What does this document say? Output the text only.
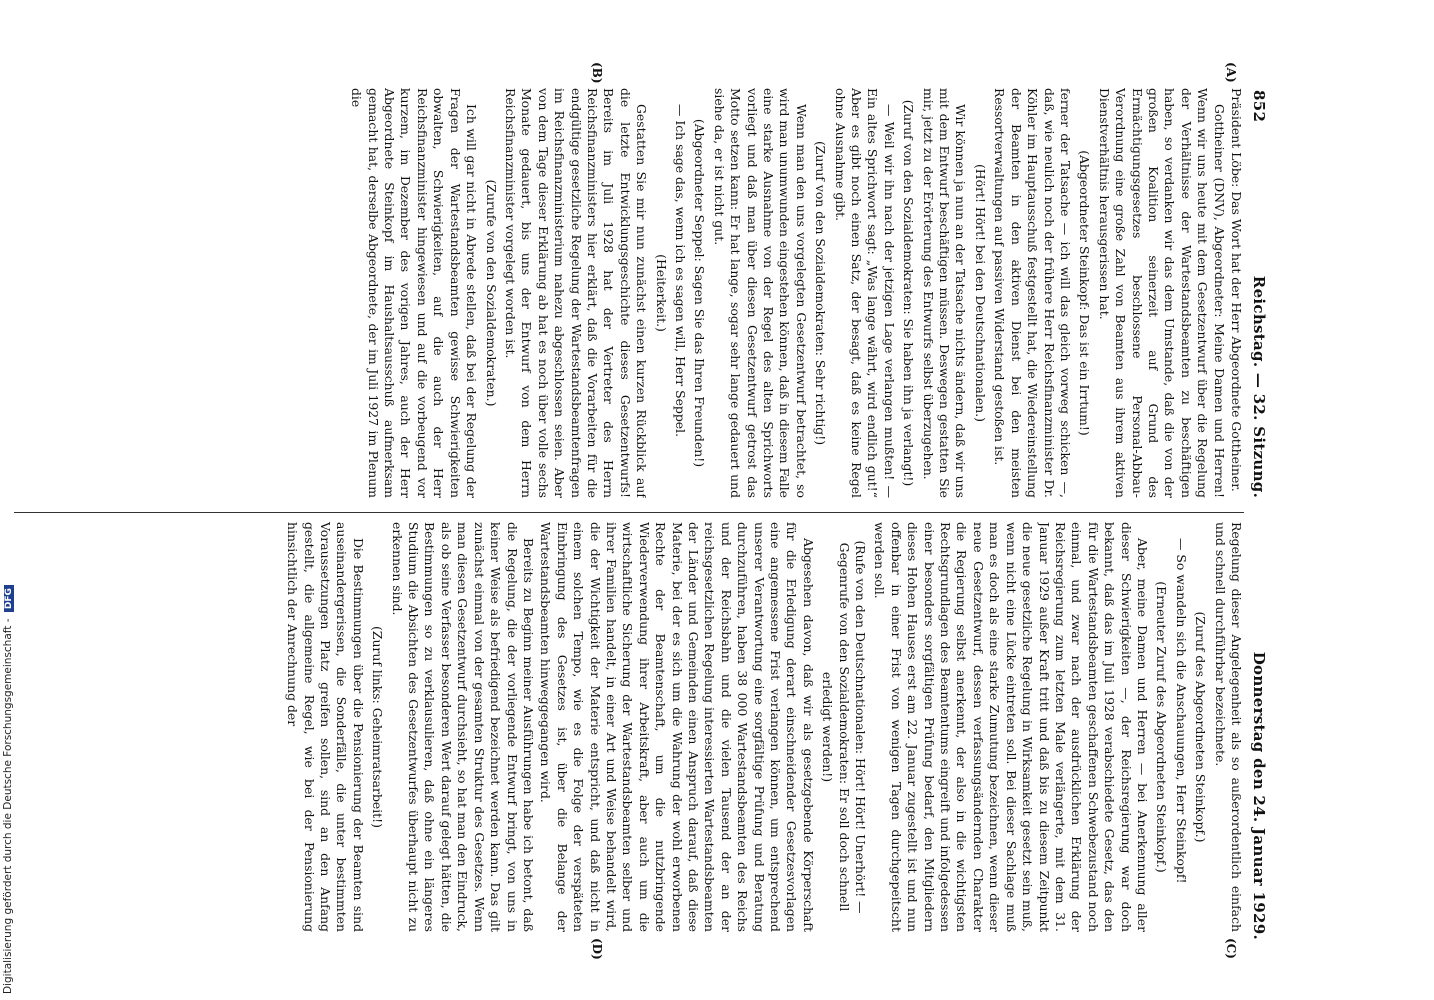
852
Reichstag. — 32. Sitzung.
Donnerstag den 24. Januar 1929.
(A)
(B)
(C)
(D)

Präsident Löbe: Das Wort hat der Herr Abgeordnete Gottheiner.

Gottheiner (DNV), Abgeordneter: Meine Damen und Herren! Wenn wir uns heute mit dem Gesetzentwurf über die Regelung der Verhältnisse der Wartestandsbeamten zu beschäftigen haben, so verdanken wir das dem Umstande, daß die von der großen Koalition seinerzeit auf Grund des Ermächtigungsgesetzes beschlossene Personal-Abbau-Verordnung eine große Zahl von Beamten aus ihrem aktiven Dienstverhältnis herausgerissen hat.

(Abgeordneter Steinkopf: Das ist ein Irrtum!)

ferner der Tatsache — ich will das gleich vorweg schicken —, daß, wie neulich noch der frühere Herr Reichsfinanzminister Dr. Köhler im Hauptausschuß festgestellt hat, die Wiedereinstellung der Beamten in den aktiven Dienst bei den meisten Ressortverwaltungen auf passiven Widerstand gestoßen ist.

(Hört! Hört! bei den Deutschnationalen.)

Wir können ja nun an der Tatsache nichts ändern, daß wir uns mit dem Entwurf beschäftigen müssen. Deswegen gestatten Sie mir, jetzt zu der Erörterung des Entwurfs selbst überzugehen.

(Zuruf von den Sozialdemokraten: Sie haben ihn ja verlangt!)

— Weil wir ihn nach der jetzigen Lage verlangen mußten! — Ein altes Sprichwort sagt: „Was lange währt, wird endlich gut!“ Aber es gibt noch einen Satz, der besagt, daß es keine Regel ohne Ausnahme gibt.

(Zuruf von den Sozialdemokraten: Sehr richtig!)

Wenn man den uns vorgelegten Gesetzentwurf betrachtet, so wird man unumwunden eingestehen können, daß in diesem Falle eine starke Ausnahme von der Regel des alten Sprichworts vorliegt und daß man über diesen Gesetzentwurf getrost das Motto setzen kann: Er hat lange, sogar sehr lange gedauert und siehe da, er ist nicht gut.

(Abgeordneter Seppel: Sagen Sie das Ihren Freunden!)

— Ich sage das, wenn ich es sagen will, Herr Seppel.

(Heiterkeit.)

Gestatten Sie mir nun zunächst einen kurzen Rückblick auf die letzte Entwicklungsgeschichte dieses Gesetzentwurfs! Bereits im Juli 1928 hat der Vertreter des Herrn Reichsfinanzministers hier erklärt, daß die Vorarbeiten für die endgültige gesetzliche Regelung der Wartestandsbeamtenfragen im Reichsfinanzministerium nahezu abgeschlossen seien. Aber von dem Tage dieser Erklärung ab hat es noch über volle sechs Monate gedauert, bis uns der Entwurf von dem Herrn Reichsfinanzminister vorgelegt worden ist.

(Zurufe von den Sozialdemokraten.)

Ich will gar nicht in Abrede stellen, daß bei der Regelung der Fragen der Wartestandsbeamten gewisse Schwierigkeiten obwalten, Schwierigkeiten, auf die auch der Herr Reichsfinanzminister hingewiesen und auf die vorbeugend vor kurzem, im Dezember des vorigen Jahres, auch der Herr Abgeordnete Steinkopf im Haushaltsausschuß aufmerksam gemacht hat, derselbe Abgeordnete, der im Juli 1927 im Plenum die

Regelung dieser Angelegenheit als so außerordentlich einfach und schnell durchführbar bezeichnete.

(Zuruf des Abgeordneten Steinkopf.)

— So wandeln sich die Anschauungen, Herr Steinkopf!

(Erneuter Zuruf des Abgeordneten Steinkopf.)

Aber, meine Damen und Herren — bei Anerkennung aller dieser Schwierigkeiten —, der Reichsregierung war doch bekannt, daß das im Juli 1928 verabschiedete Gesetz, das den für die Wartestandsbeamten geschaffenen Schwebezustand noch einmal, und zwar nach der ausdrücklichen Erklärung der Reichsregierung zum letzten Male verlängerte, mit dem 31. Januar 1929 außer Kraft tritt und daß bis zu diesem Zeitpunkt die neue gesetzliche Regelung in Wirksamkeit gesetzt sein muß, wenn nicht eine Lücke eintreten soll. Bei dieser Sachlage muß man es doch als eine starke Zumutung bezeichnen, wenn dieser neue Gesetzentwurf, dessen verfassungsändernden Charakter die Regierung selbst anerkennt, der also in die wichtigsten Rechtsgrundlagen des Beamtentums eingreift und infolgedessen einer besonders sorgfältigen Prüfung bedarf, den Mitgliedern dieses Hohen Hauses erst am 22. Januar zugestellt ist und nun offenbar in einer Frist von wenigen Tagen durchgepeitscht werden soll.

(Rufe von den Deutschnationalen: Hört! Hört! Unerhört! — Gegenrufe von den Sozialdemokraten: Er soll doch schnell erledigt werden!)

Abgesehen davon, daß wir als gesetzgebende Körperschaft für die Erledigung derart einschneidender Gesetzesvorlagen eine angemessene Frist verlangen können, um entsprechend unserer Verantwortung eine sorgfältige Prüfung und Beratung durchzuführen, haben 38 000 Wartestandsbeamten des Reichs und der Reichsbahn und die vielen Tausend der an der reichsgesetzlichen Regelung interessierten Wartestandsbeamten der Länder und Gemeinden einen Anspruch darauf, daß diese Materie, bei der es sich um die Wahrung der wohl erworbenen Rechte der Beamtenschaft, um die nutzbringende Wiederverwendung ihrer Arbeitskraft, aber auch um die wirtschaftliche Sicherung der Wartestandsbeamten selber und ihrer Familien handelt, in einer Art und Weise behandelt wird, die der Wichtigkeit der Materie entspricht, und daß nicht in einem solchen Tempo, wie es die Folge der verspäteten Einbringung des Gesetzes ist, über die Belange der Wartestandsbeamten hinweggegangen wird.

Bereits zu Beginn meiner Ausführungen habe ich betont, daß die Regelung, die der vorliegende Entwurf bringt, von uns in keiner Weise als befriedigend bezeichnet werden kann. Das gilt zunächst einmal von der gesamten Struktur des Gesetzes. Wenn man diesen Gesetzentwurf durchsieht, so hat man den Eindruck, als ob seine Verfasser besonderen Wert darauf gelegt hätten, die Bestimmungen so zu verklausulieren, daß ohne ein längeres Studium die Absichten des Gesetzentwurfes überhaupt nicht zu erkennen sind.

(Zuruf links: Geheimratsarbeit!)

Die Bestimmungen über die Pensionierung der Beamten sind auseinandergerissen, die Sonderfälle, die unter bestimmten Voraussetzungen Platz greifen sollen, sind an den Anfang gestellt, die allgemeine Regel, wie bei der Pensionierung hinsichtlich der Anrechnung der

Digitalisierung gefördert durch die Deutsche Forschungsgemeinschaft - DFG
